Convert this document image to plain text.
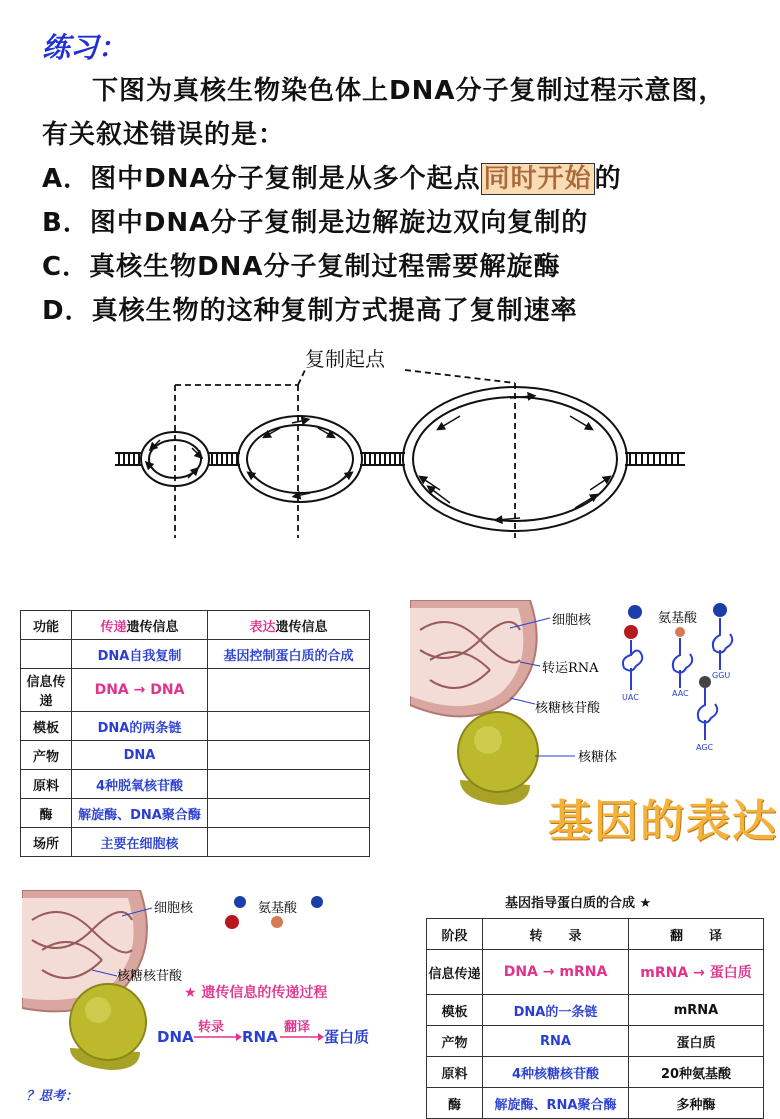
练习：
下图为真核生物染色体上DNA分子复制过程示意图，
有关叙述错误的是：
A．图中DNA分子复制是从多个起点 同时开始 的
B．图中DNA分子复制是边解旋边双向复制的
C．真核生物DNA分子复制过程需要解旋酶
D．真核生物的这种复制方式提高了复制速率
复制起点
功能	传递遗传信息	表达遗传信息
	DNA自我复制	基因控制蛋白质的合成
信息传递	DNA → DNA	
模板	DNA的两条链	
产物	DNA	
原料	4种脱氧核苷酸	
酶	解旋酶、DNA聚合酶	
场所	主要在细胞核	
UAC	AAC
GGU
AGC
细胞核	氨基酸
转运RNA
核糖核苷酸
核糖体
基因的表达
细胞核	氨基酸
核糖核苷酸
★ 遗传信息的传递过程
DNA
转录
RNA
翻译
蛋白质
？思考：
基因指导蛋白质的合成 ★
阶段	转　　录	翻　　译
信息传递	DNA → mRNA	mRNA → 蛋白质
模板	DNA的一条链	mRNA
产物	RNA	蛋白质
原料	4种核糖核苷酸	20种氨基酸
酶	解旋酶、RNA聚合酶	多种酶
